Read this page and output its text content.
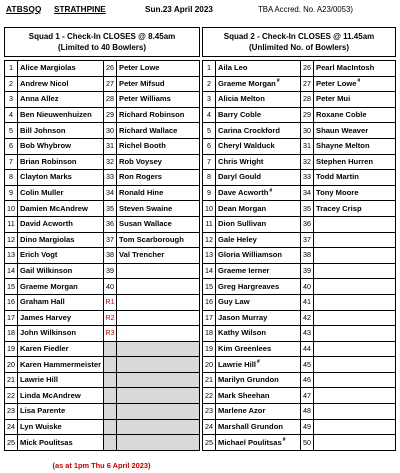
ATBSQQ STRATHPINE	Sun.23 April 2023	TBA Accred. No. A23/0053)
Squad 1 - Check-In CLOSES @ 8.45am
(Limited to 40 Bowlers)			

1	Alice Margiolas	26	Peter Lowe
2	Andrew Nicol	27	Peter Mifsud
3	Anna Allez	28	Peter Williams
4	Ben Nieuwenhuizen	29	Richard Robinson
5	Bill Johnson	30	Richard Wallace
6	Bob Whybrow	31	Richel Booth
7	Brian Robinson	32	Rob Voysey
8	Clayton Marks	33	Ron Rogers
9	Colin Muller	34	Ronald Hine
10	Damien McAndrew	35	Steven Swaine
11	David Acworth	36	Susan Wallace
12	Dino Margiolas	37	Tom Scarborough
13	Erich Vogt	38	Val Trencher
14	Gail Wilkinson	39	
15	Graeme Morgan	40	
16	Graham Hall	R1	
17	James Harvey	R2	
18	John Wilkinson	R3	
19	Karen Fiedler		
20	Karen Hammermeister		
21	Lawrie Hill		
22	Linda McAndrew		
23	Lisa Parente		
24	Lyn Wuiske		
25	Mick Poulitsas		
Squad 2 - Check-In CLOSES @ 11.45am
(Unlimited No. of Bowlers)			

1	Aila Leo	26	Pearl MacIntosh
2	Graeme Morgan#	27	Peter Lowe#
3	Alicia Melton	28	Peter Mui
4	Barry Coble	29	Roxane Coble
5	Carina Crockford	30	Shaun Weaver
6	Cheryl Walduck	31	Shayne Melton
7	Chris Wright	32	Stephen Hurren
8	Daryl Gould	33	Todd Martin
9	Dave Acworth#	34	Tony Moore
10	Dean Morgan	35	Tracey Crisp
11	Dion Sullivan	36	
12	Gale Heley	37	
13	Gloria Williamson	38	
14	Graeme Ierner	39	
15	Greg Hargreaves	40	
16	Guy Law	41	
17	Jason Murray	42	
18	Kathy Wilson	43	
19	Kim Greenlees	44	
20	Lawrie Hill#	45	
21	Marilyn Grundon	46	
22	Mark Sheehan	47	
23	Marlene Azor	48	
24	Marshall Grundon	49	
25	Michael Poulitsas#	50	
(as at 1pm Thu 6 April 2023)
